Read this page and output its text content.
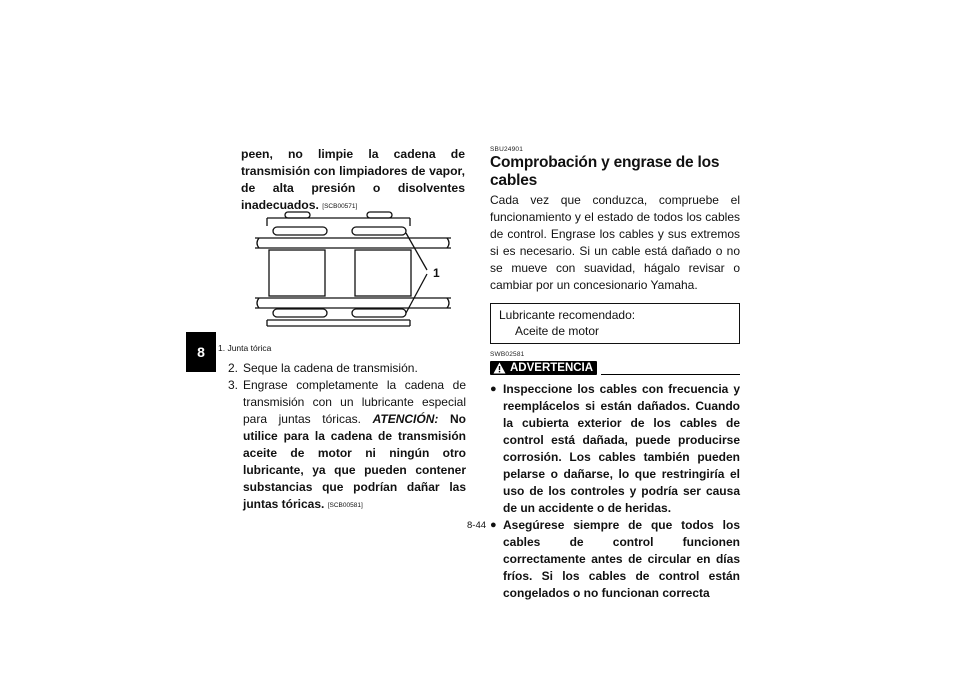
8

peen, no limpie la cadena de transmisión con limpiadores de vapor, de alta presión o disolventes inadecuados. [SCB00571]

1
1. Junta tórica
2. Seque la cadena de transmisión.
3. Engrase completamente la cadena de transmisión con un lubricante especial para juntas tóricas. ATENCIÓN: No utilice para la cadena de transmisión aceite de motor ni ningún otro lubricante, ya que pueden contener substancias que podrían dañar las juntas tóricas. [SCB00581]

SBU24901

Comprobación y engrase de los cables

Cada vez que conduzca, compruebe el funcionamiento y el estado de todos los cables de control. Engrase los cables y sus extremos si es necesario. Si un cable está dañado o no se mueve con suavidad, hágalo revisar o cambiar por un concesionario Yamaha.

Lubricante recomendado:
Aceite de motor

SWB02581

ADVERTENCIA
● Inspeccione los cables con frecuencia y reemplácelos si están dañados. Cuando la cubierta exterior de los cables de control está dañada, puede producirse corrosión. Los cables también pueden pelarse o dañarse, lo que restringiría el uso de los controles y podría ser causa de un accidente o de heridas.
● Asegúrese siempre de que todos los cables de control funcionen correctamente antes de circular en días fríos. Si los cables de control están congelados o no funcionan correcta
8-44
